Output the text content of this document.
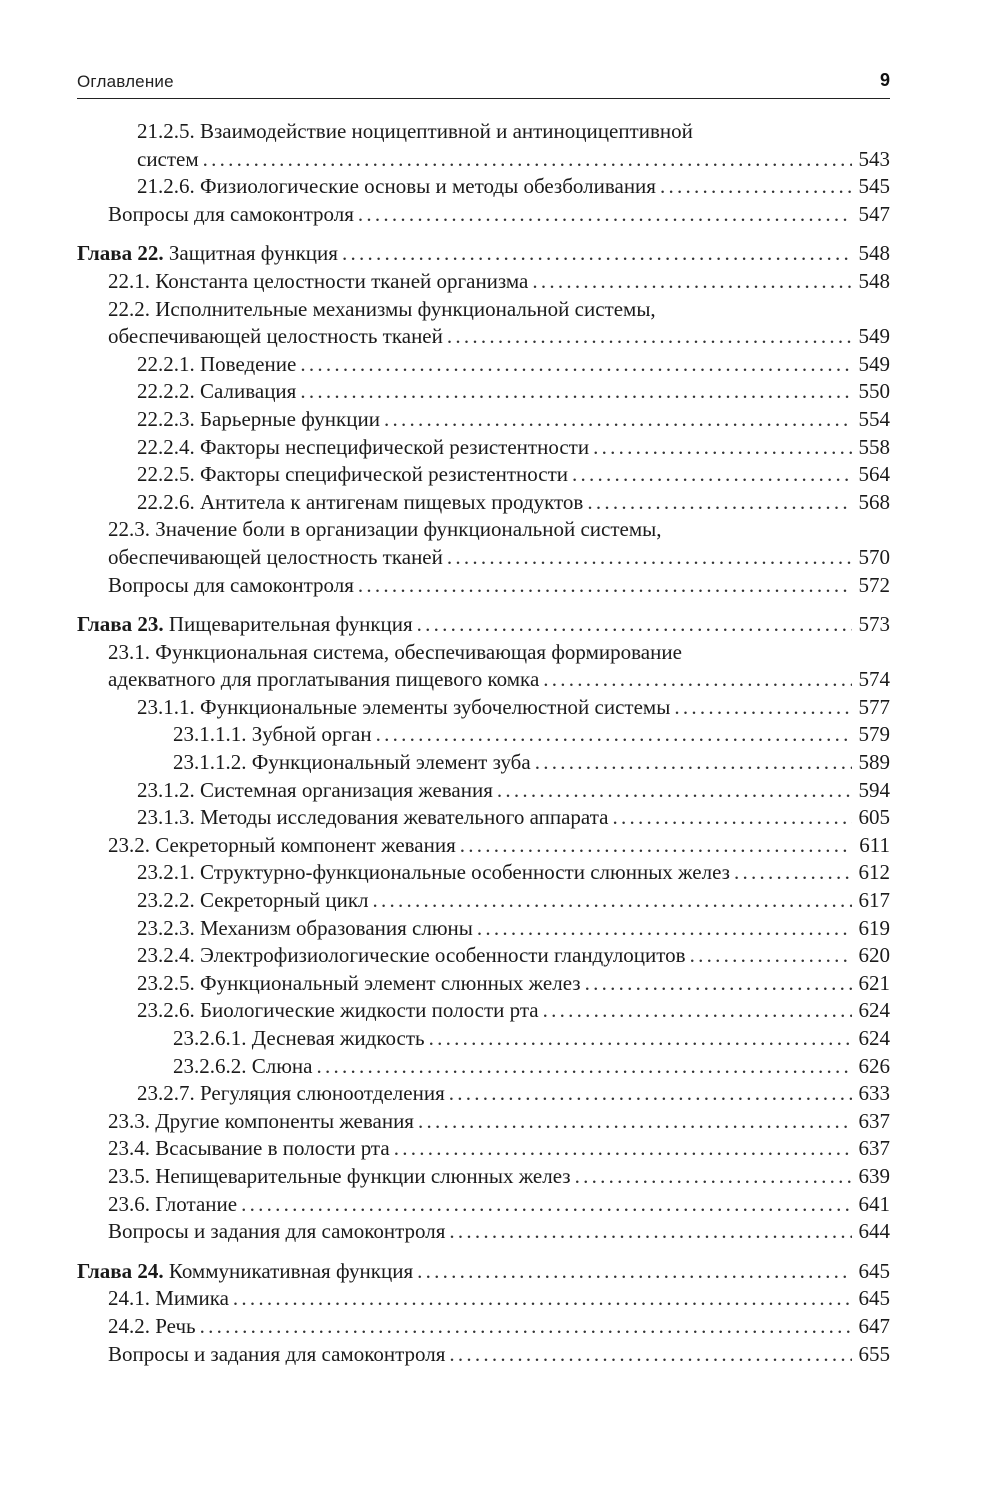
Оглавление	9
21.2.5. Взаимодействие ноцицептивной и антиноцицептивной
систем . . .	543
21.2.6. Физиологические основы и методы обезболивания . . .	545
Вопросы для самоконтроля . . .	547
Глава 22. Защитная функция . . .	548
22.1. Константа целостности тканей организма . . .	548
22.2. Исполнительные механизмы функциональной системы,
обеспечивающей целостность тканей . . .	549
22.2.1. Поведение . . .	549
22.2.2. Саливация . . .	550
22.2.3. Барьерные функции . . .	554
22.2.4. Факторы неспецифической резистентности . . .	558
22.2.5. Факторы специфической резистентности . . .	564
22.2.6. Антитела к антигенам пищевых продуктов . . .	568
22.3. Значение боли в организации функциональной системы,
обеспечивающей целостность тканей . . .	570
Вопросы для самоконтроля . . .	572
Глава 23. Пищеварительная функция . . .	573
23.1. Функциональная система, обеспечивающая формирование
адекватного для проглатывания пищевого комка . . .	574
23.1.1. Функциональные элементы зубочелюстной системы . . .	577
23.1.1.1. Зубной орган . . .	579
23.1.1.2. Функциональный элемент зуба . . .	589
23.1.2. Системная организация жевания . . .	594
23.1.3. Методы исследования жевательного аппарата . . .	605
23.2. Секреторный компонент жевания . . .	611
23.2.1. Структурно-функциональные особенности слюнных желез . . .	612
23.2.2. Секреторный цикл . . .	617
23.2.3. Механизм образования слюны . . .	619
23.2.4. Электрофизиологические особенности гландулоцитов . . .	620
23.2.5. Функциональный элемент слюнных желез . . .	621
23.2.6. Биологические жидкости полости рта . . .	624
23.2.6.1. Десневая жидкость . . .	624
23.2.6.2. Слюна . . .	626
23.2.7. Регуляция слюноотделения . . .	633
23.3. Другие компоненты жевания . . .	637
23.4. Всасывание в полости рта . . .	637
23.5. Непищеварительные функции слюнных желез . . .	639
23.6. Глотание . . .	641
Вопросы и задания для самоконтроля . . .	644
Глава 24. Коммуникативная функция . . .	645
24.1. Мимика . . .	645
24.2. Речь . . .	647
Вопросы и задания для самоконтроля . . .	655
